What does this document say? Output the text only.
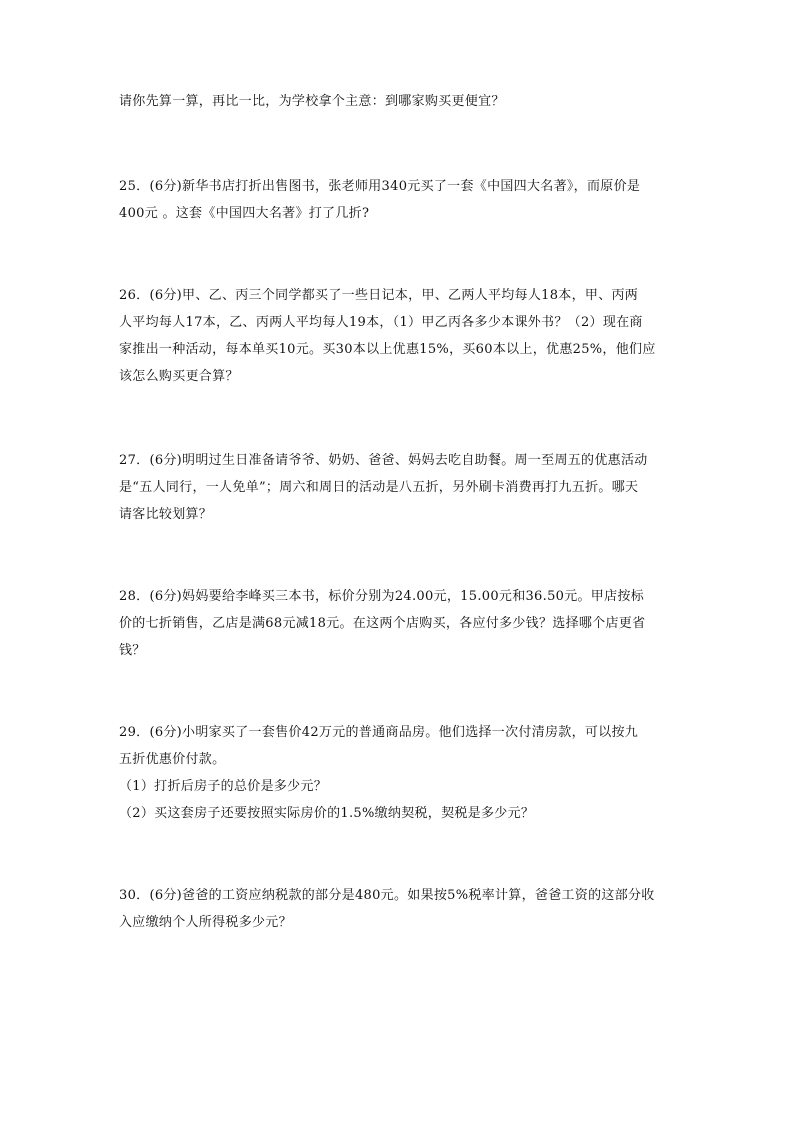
请你先算一算，再比一比，为学校拿个主意：到哪家购买更便宜？
25．(6分)新华书店打折出售图书，张老师用340元买了一套《中国四大名著》，而原价是
400元 。这套《中国四大名著》打了几折?
26．(6分)甲、乙、丙三个同学都买了一些日记本，甲、乙两人平均每人18本，甲、丙两
人平均每人17本，乙、丙两人平均每人19本，（1）甲乙丙各多少本课外书？（2）现在商
家推出一种活动，每本单买10元。买30本以上优惠15%，买60本以上，优惠25%，他们应
该怎么购买更合算？
27．(6分)明明过生日准备请爷爷、奶奶、爸爸、妈妈去吃自助餐。周一至周五的优惠活动
是“五人同行，一人免单”；周六和周日的活动是八五折，另外刷卡消费再打九五折。哪天
请客比较划算？
28．(6分)妈妈要给李峰买三本书，标价分别为24.00元，15.00元和36.50元。甲店按标
价的七折销售，乙店是满68元减18元。在这两个店购买，各应付多少钱？选择哪个店更省
钱？
29．(6分)小明家买了一套售价42万元的普通商品房。他们选择一次付清房款，可以按九
五折优惠价付款。
（1）打折后房子的总价是多少元？
（2）买这套房子还要按照实际房价的1.5%缴纳契税，契税是多少元？
30．(6分)爸爸的工资应纳税款的部分是480元。如果按5%税率计算，爸爸工资的这部分收
入应缴纳个人所得税多少元？
